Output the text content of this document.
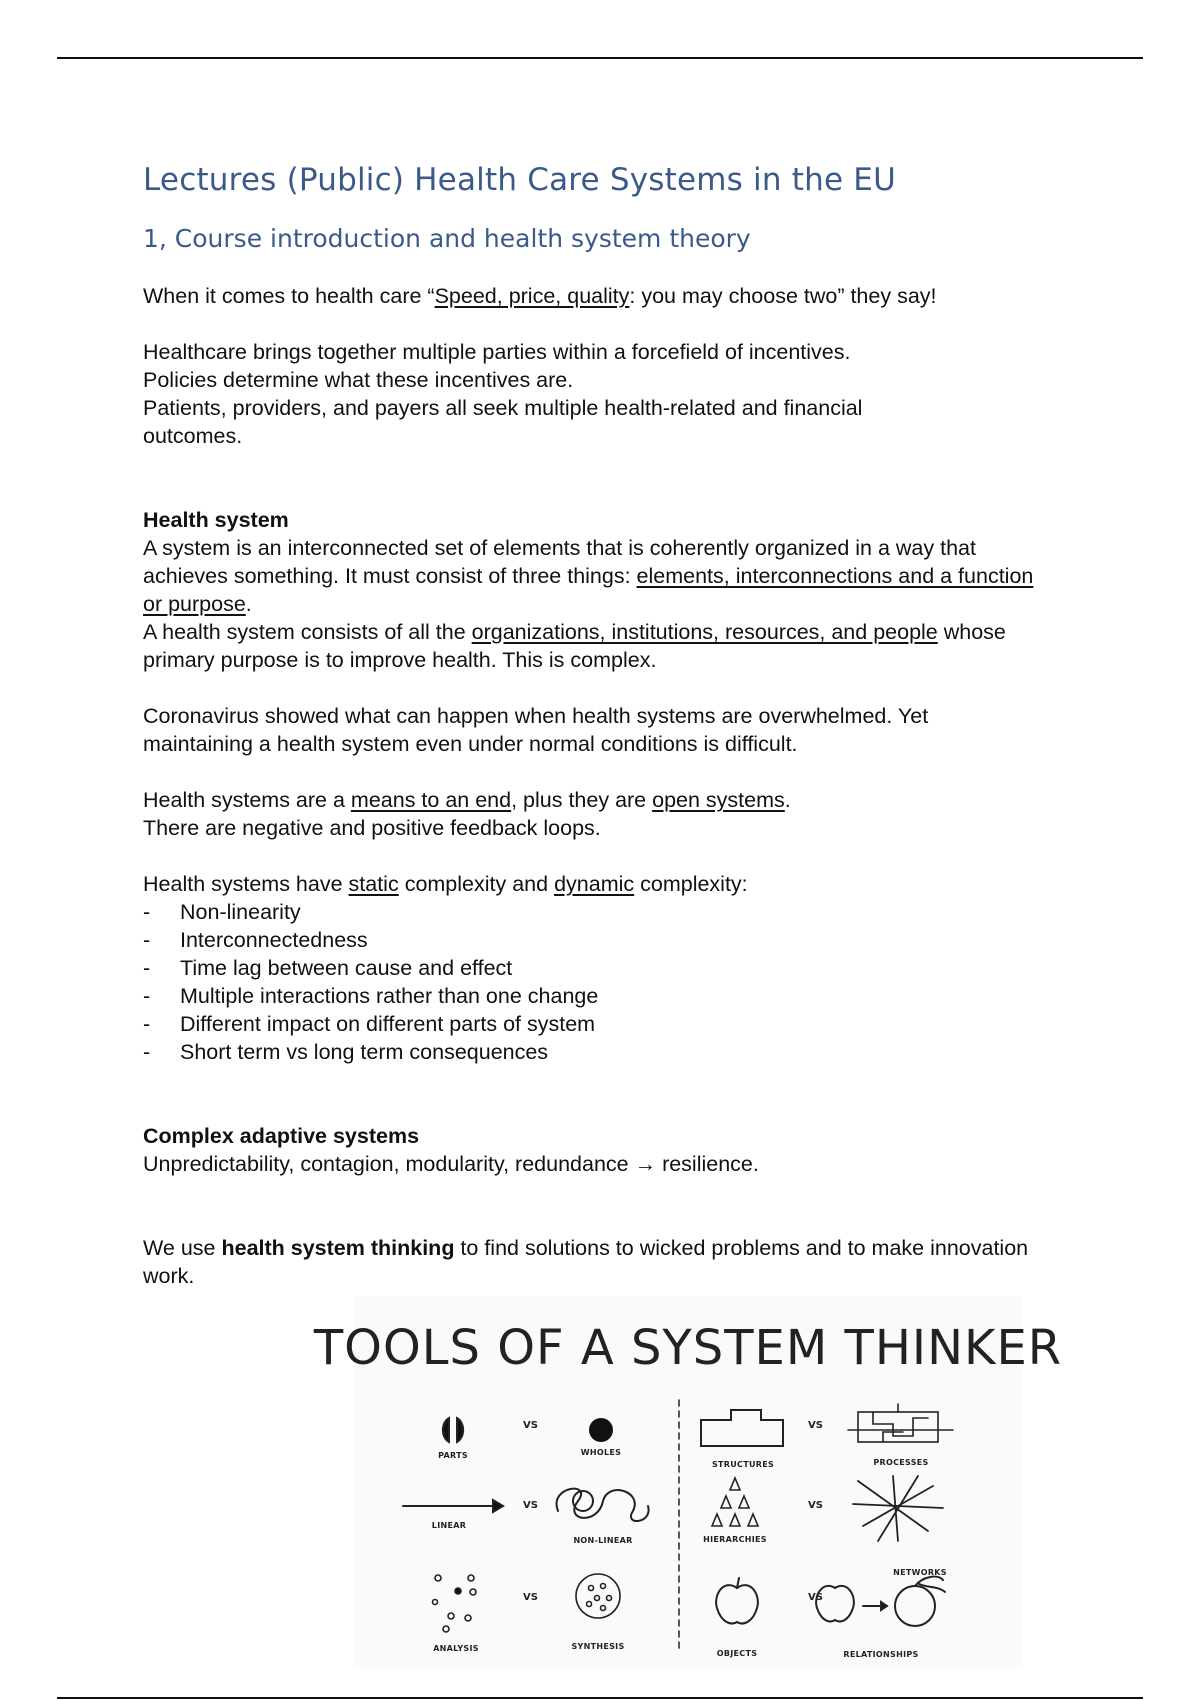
Lectures (Public) Health Care Systems in the EU
1, Course introduction and health system theory

When it comes to health care “Speed, price, quality: you may choose two” they say!

Healthcare brings together multiple parties within a forcefield of incentives.

Policies determine what these incentives are.

Patients, providers, and payers all seek multiple health-related and financial outcomes.

Health system

A system is an interconnected set of elements that is coherently organized in a way that achieves something. It must consist of three things: elements, interconnections and a function or purpose.

A health system consists of all the organizations, institutions, resources, and people whose primary purpose is to improve health. This is complex.

Coronavirus showed what can happen when health systems are overwhelmed. Yet maintaining a health system even under normal conditions is difficult.

Health systems are a means to an end, plus they are open systems.

There are negative and positive feedback loops.

Health systems have static complexity and dynamic complexity:

- Non-linearity
- Interconnectedness
- Time lag between cause and effect
- Multiple interactions rather than one change
- Different impact on different parts of system
- Short term vs long term consequences

Complex adaptive systems

Unpredictability, contagion, modularity, redundance → resilience.

We use health system thinking to find solutions to wicked problems and to make innovation work.

TOOLS OF A SYSTEM THINKER
VS
VS
VS
VS
VS
VS
PARTS	WHOLES
LINEAR
NON-LINEAR
ANALYSIS	SYNTHESIS
STRUCTURES	PROCESSES
HIERARCHIES
NETWORKS
OBJECTS	RELATIONSHIPS
